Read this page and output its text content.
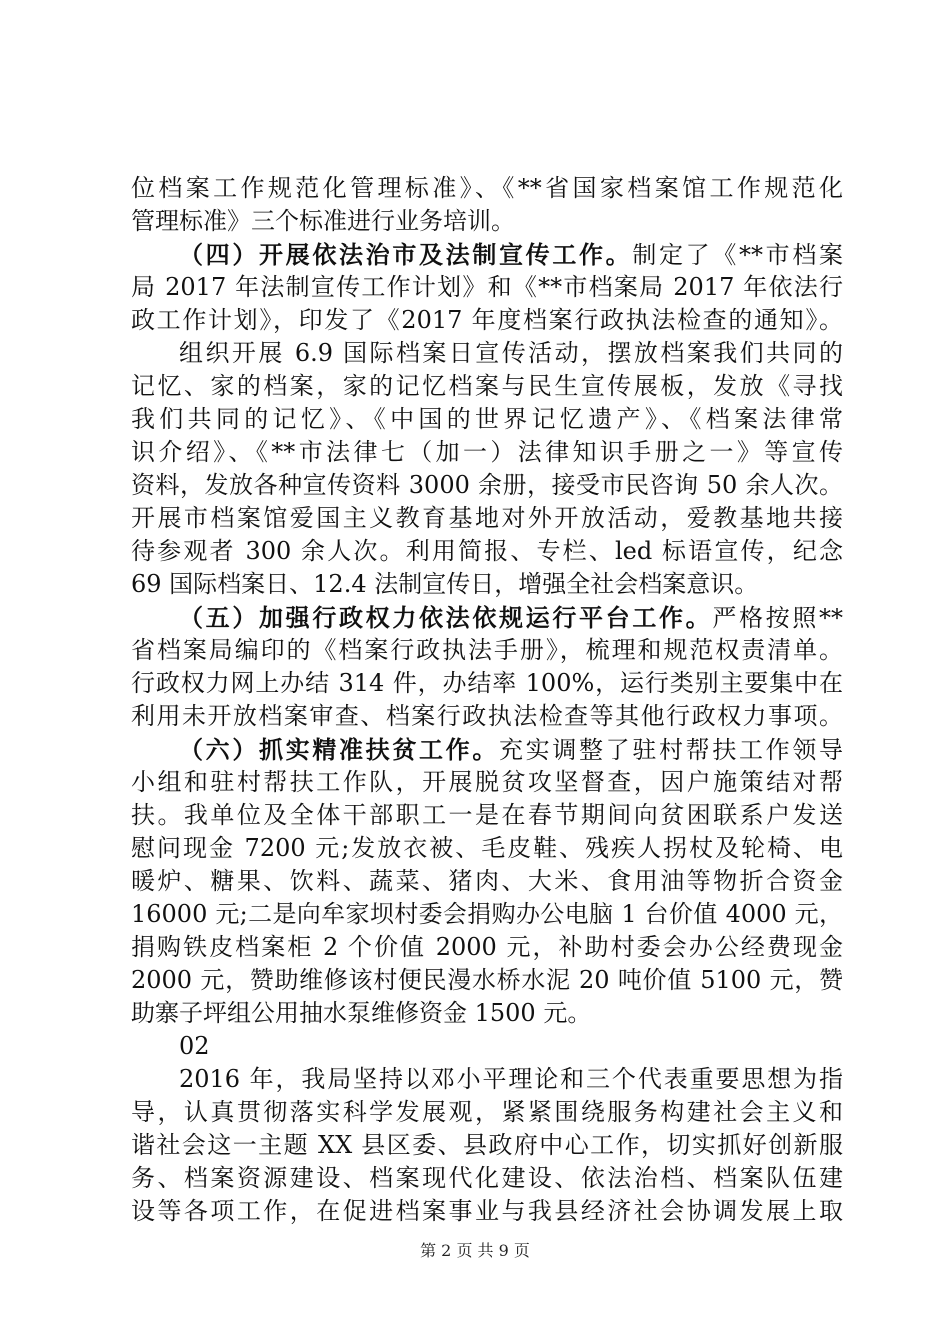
位档案工作规范化管理标准》、《**省国家档案馆工作规范化
管理标准》三个标准进行业务培训。
（四）开展依法治市及法制宣传工作。制定了《**市档案
局 2017 年法制宣传工作计划》和《**市档案局 2017 年依法行
政工作计划》，印发了《2017 年度档案行政执法检查的通知》。
组织开展 6.9 国际档案日宣传活动，摆放档案我们共同的
记忆、家的档案，家的记忆档案与民生宣传展板，发放《寻找
我们共同的记忆》、《中国的世界记忆遗产》、《档案法律常
识介绍》、《**市法律七（加一）法律知识手册之一》等宣传
资料，发放各种宣传资料 3000 余册，接受市民咨询 50 余人次。
开展市档案馆爱国主义教育基地对外开放活动，爱教基地共接
待参观者 300 余人次。利用简报、专栏、led 标语宣传，纪念
69 国际档案日、12.4 法制宣传日，增强全社会档案意识。
（五）加强行政权力依法依规运行平台工作。严格按照**
省档案局编印的《档案行政执法手册》，梳理和规范权责清单。
行政权力网上办结 314 件，办结率 100%，运行类别主要集中在
利用未开放档案审查、档案行政执法检查等其他行政权力事项。
（六）抓实精准扶贫工作。充实调整了驻村帮扶工作领导
小组和驻村帮扶工作队，开展脱贫攻坚督查，因户施策结对帮
扶。我单位及全体干部职工一是在春节期间向贫困联系户发送
慰问现金 7200 元;发放衣被、毛皮鞋、残疾人拐杖及轮椅、电
暖炉、糖果、饮料、蔬菜、猪肉、大米、食用油等物折合资金
16000 元;二是向牟家坝村委会捐购办公电脑 1 台价值 4000 元，
捐购铁皮档案柜 2 个价值 2000 元，补助村委会办公经费现金
2000 元，赞助维修该村便民漫水桥水泥 20 吨价值 5100 元，赞
助寨子坪组公用抽水泵维修资金 1500 元。
02
2016 年，我局坚持以邓小平理论和三个代表重要思想为指
导，认真贯彻落实科学发展观，紧紧围绕服务构建社会主义和
谐社会这一主题 XX 县区委、县政府中心工作，切实抓好创新服
务、档案资源建设、档案现代化建设、依法治档、档案队伍建
设等各项工作，在促进档案事业与我县经济社会协调发展上取
第 2 页 共 9 页
